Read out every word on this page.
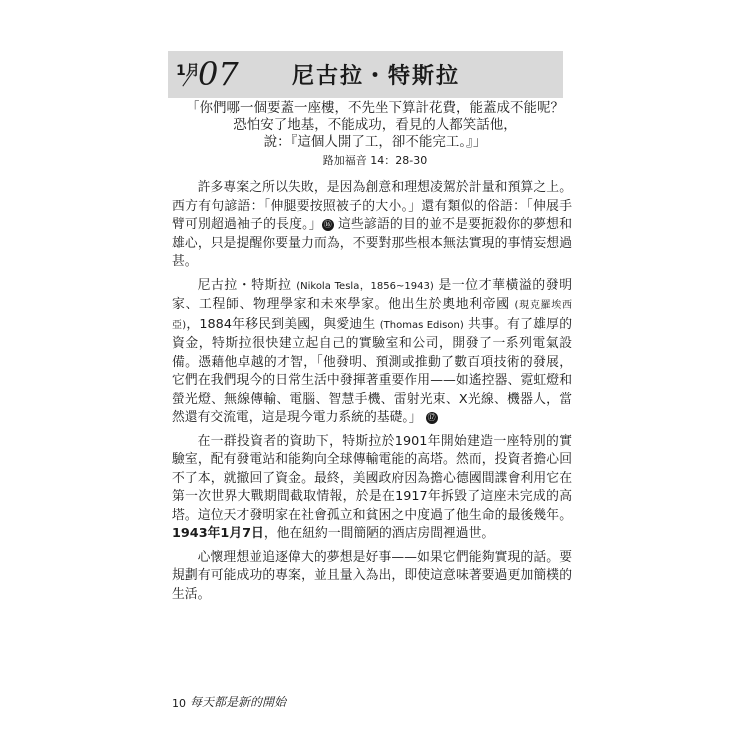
1月
07 尼古拉・特斯拉
「你們哪一個要蓋一座樓，不先坐下算計花費，能蓋成不能呢？
恐怕安了地基，不能成功，看見的人都笑話他，
說：『這個人開了工，卻不能完工。』」
路加福音 14：28-30

許多專案之所以失敗，是因為創意和理想凌駕於計量和預算之上。西方有句諺語：「伸腿要按照被子的大小。」還有類似的俗語：「伸展手臂可別超過袖子的長度。」 ⑯ 這些諺語的目的並不是要扼殺你的夢想和雄心，只是提醒你要量力而為，不要對那些根本無法實現的事情妄想過甚。

尼古拉・特斯拉 (Nikola Tesla，1856~1943) 是一位才華橫溢的發明家、工程師、物理學家和未來學家。他出生於奧地利帝國 (現克羅埃西亞)，1884年移民到美國，與愛迪生 (Thomas Edison) 共事。有了雄厚的資金，特斯拉很快建立起自己的實驗室和公司，開發了一系列電氣設備。憑藉他卓越的才智，「他發明、預測或推動了數百項技術的發展，它們在我們現今的日常生活中發揮著重要作用——如遙控器、霓虹燈和螢光燈、無線傳輸、電腦、智慧手機、雷射光束、X光線、機器人，當然還有交流電，這是現今電力系統的基礎。」 ⑰

在一群投資者的資助下，特斯拉於1901年開始建造一座特別的實驗室，配有發電站和能夠向全球傳輸電能的高塔。然而，投資者擔心回不了本，就撤回了資金。最終，美國政府因為擔心德國間諜會利用它在第一次世界大戰期間截取情報，於是在1917年拆毀了這座未完成的高塔。這位天才發明家在社會孤立和貧困之中度過了他生命的最後幾年。1943年1月7日，他在紐約一間簡陋的酒店房間裡過世。

心懷理想並追逐偉大的夢想是好事——如果它們能夠實現的話。要規劃有可能成功的專案，並且量入為出，即使這意味著要過更加簡樸的生活。

10 每天都是新的開始
